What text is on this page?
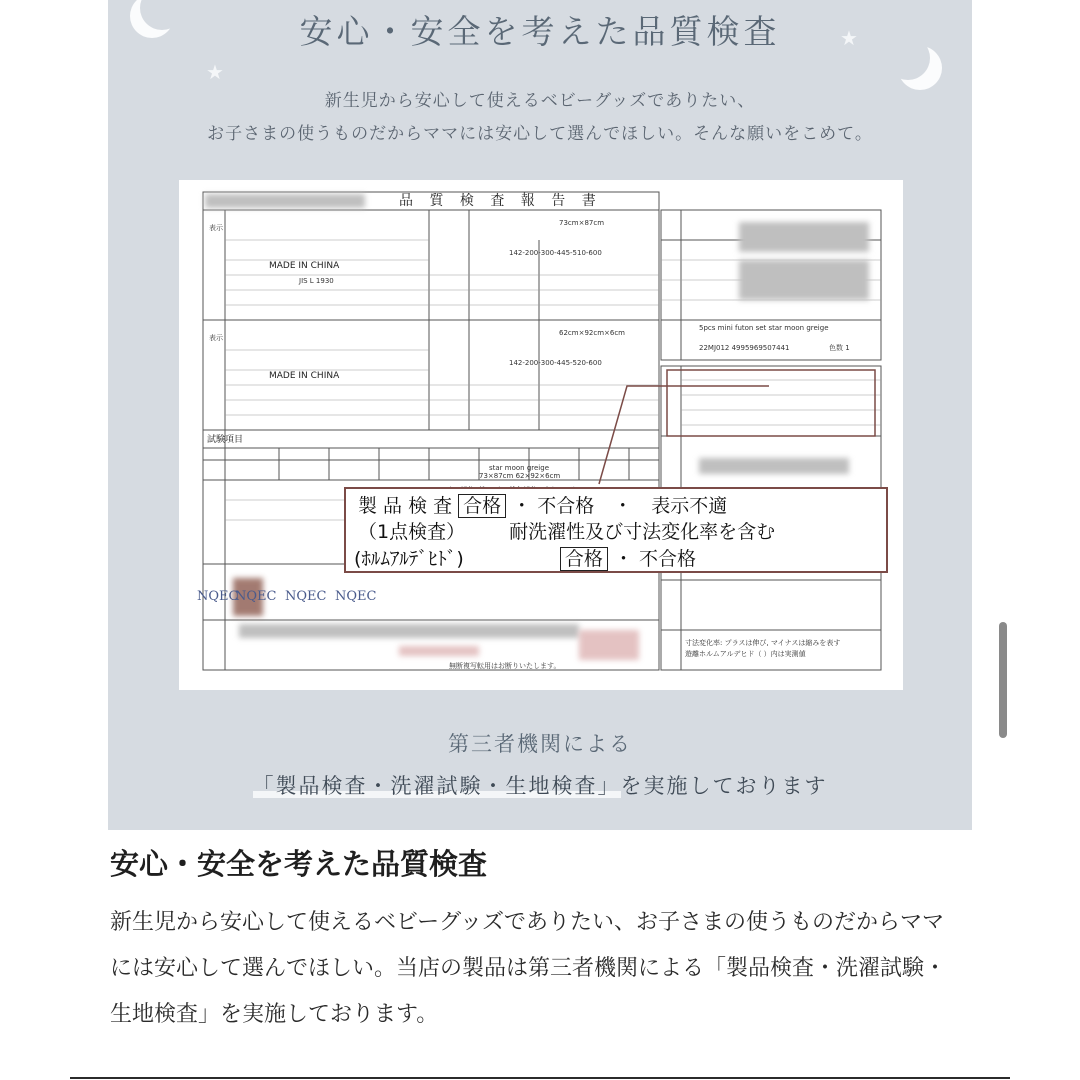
★
★
安心・安全を考えた品質検査
新生児から安心して使えるベビーグッズでありたい、
お子さまの使うものだからママには安心して選んでほしい。そんな願いをこめて。
品 質 検 査 報 告 書
表示
表示
MADE IN CHINA
MADE IN CHINA
73cm×87cm
62cm×92cm×6cm
142-200-300-445-510-600
142-200-300-445-520-600
JIS L 1930
試験項目
star moon greige
73×87cm 62×92×6cm
5pcs mini futon set star moon greige
22MJ012 4995969507441	色数 1
寸法変化率: プラスは伸び, マイナスは縮みを表す
遊離ホルムアルデヒド（ ）内は実測値
無断複写転用はお断りいたします。
NQEC NQEC NQEC
NQEC
製 品 検 査 合格 ・ 不合格　・　表示不適
（1点検査） 耐洗濯性及び寸法変化率を含む
(ﾎﾙﾑｱﾙﾃﾞﾋﾄﾞ)	合格 ・ 不合格
第三者機関による
「製品検査・洗濯試験・生地検査」を実施しております
安心・安全を考えた品質検査
新生児から安心して使えるベビーグッズでありたい、お子さまの使うものだからママには安心して選んでほしい。当店の製品は第三者機関による「製品検査・洗濯試験・生地検査」を実施しております。
